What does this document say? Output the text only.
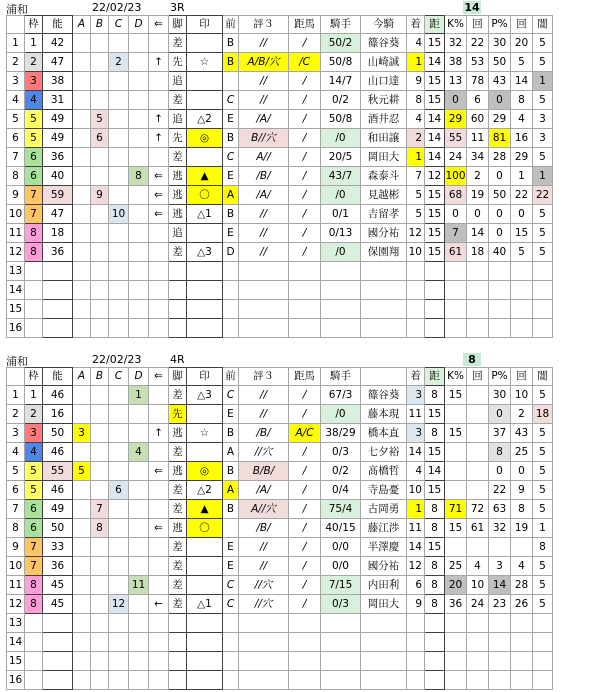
浦和	22/02/23	3R	14
	枠	能	A	B	C	D	⇐	脚	印	前	評３	距馬	騎手	今騎	着	距	K%	回	P%	回	闇
1	1	42						差		B	//	/	50/2	篠谷葵	4	15	32	22	30	20	5
2	2	47			2		↑	先	☆	B	A/B/穴	/C	50/8	山崎誠	1	14	38	53	50	5	5
3	3	38						追			//	/	14/7	山口達	9	15	13	78	43	14	1
4	4	31						差		C	//	/	0/2	秋元耕	8	15	0	6	0	8	5
5	5	49		5			↑	追	△2	E	/A/	/	50/8	酒井忍	4	14	29	60	29	4	3
6	5	49		6			↑	先	◎	B	B//穴	/	/0	和田譲	2	14	55	11	81	16	3
7	6	36						差		C	A//	/	20/5	岡田大	1	14	24	34	28	29	5
8	6	40				8	⇐	逃	▲	E	/B/	/	43/7	森泰斗	7	12	100	2	0	1	1
9	7	59		9			⇐	逃	〇	A	/A/	/	/0	見越彬	5	15	68	19	50	22	22
10	7	47			10		⇐	逃	△1	B	//	/	0/1	吉留孝	5	15	0	0	0	0	5
11	8	18						追		E	//	/	0/13	國分祐	12	15	7	14	0	15	5
12	8	36						差	△3	D	//	/	/0	保園翔	10	15	61	18	40	5	5
13																					
14																					
15																					
16																					
浦和	22/02/23	4R	8
	枠	能	A	B	C	D	⇐	脚	印	前	評３	距馬	騎手		着	距	K%	回	P%	回	闇
1	1	46				1		差	△3	C	//	/	67/3	篠谷葵	3	8	15		30	10	5
2	2	16						先		E	//	/	/0	藤本現	11	15			0	2	18
3	3	50	3				↑	逃	☆	B	/B/	A/C	38/29	橋本直	3	8	15		37	43	5
4	4	46				4		差		A	//穴	/	0/3	七夕裕	14	15			8	25	5
5	5	55	5				⇐	逃	◎	B	B/B/	/	0/2	髙橋哲	4	14			0	0	5
6	5	46			6			差	△2	A	/A/	/	0/4	寺島憂	10	15			22	9	5
7	6	49		7				差	▲	B	A//穴	/	75/4	古岡勇	1	8	71	72	63	8	5
8	6	50		8			⇐	逃	〇		/B/	/	40/15	藤江渉	11	8	15	61	32	19	1
9	7	33						差		E	//	/	0/0	半澤慶	14	15					8
10	7	36						差		E	//	/	0/0	國分祐	12	8	25	4	3	4	5
11	8	45				11		差		C	//穴	/	7/15	内田利	6	8	20	10	14	28	5
12	8	45			12		←	差	△1	C	//穴	/	0/3	岡田大	9	8	36	24	23	26	5
13																					
14																					
15																					
16																					
